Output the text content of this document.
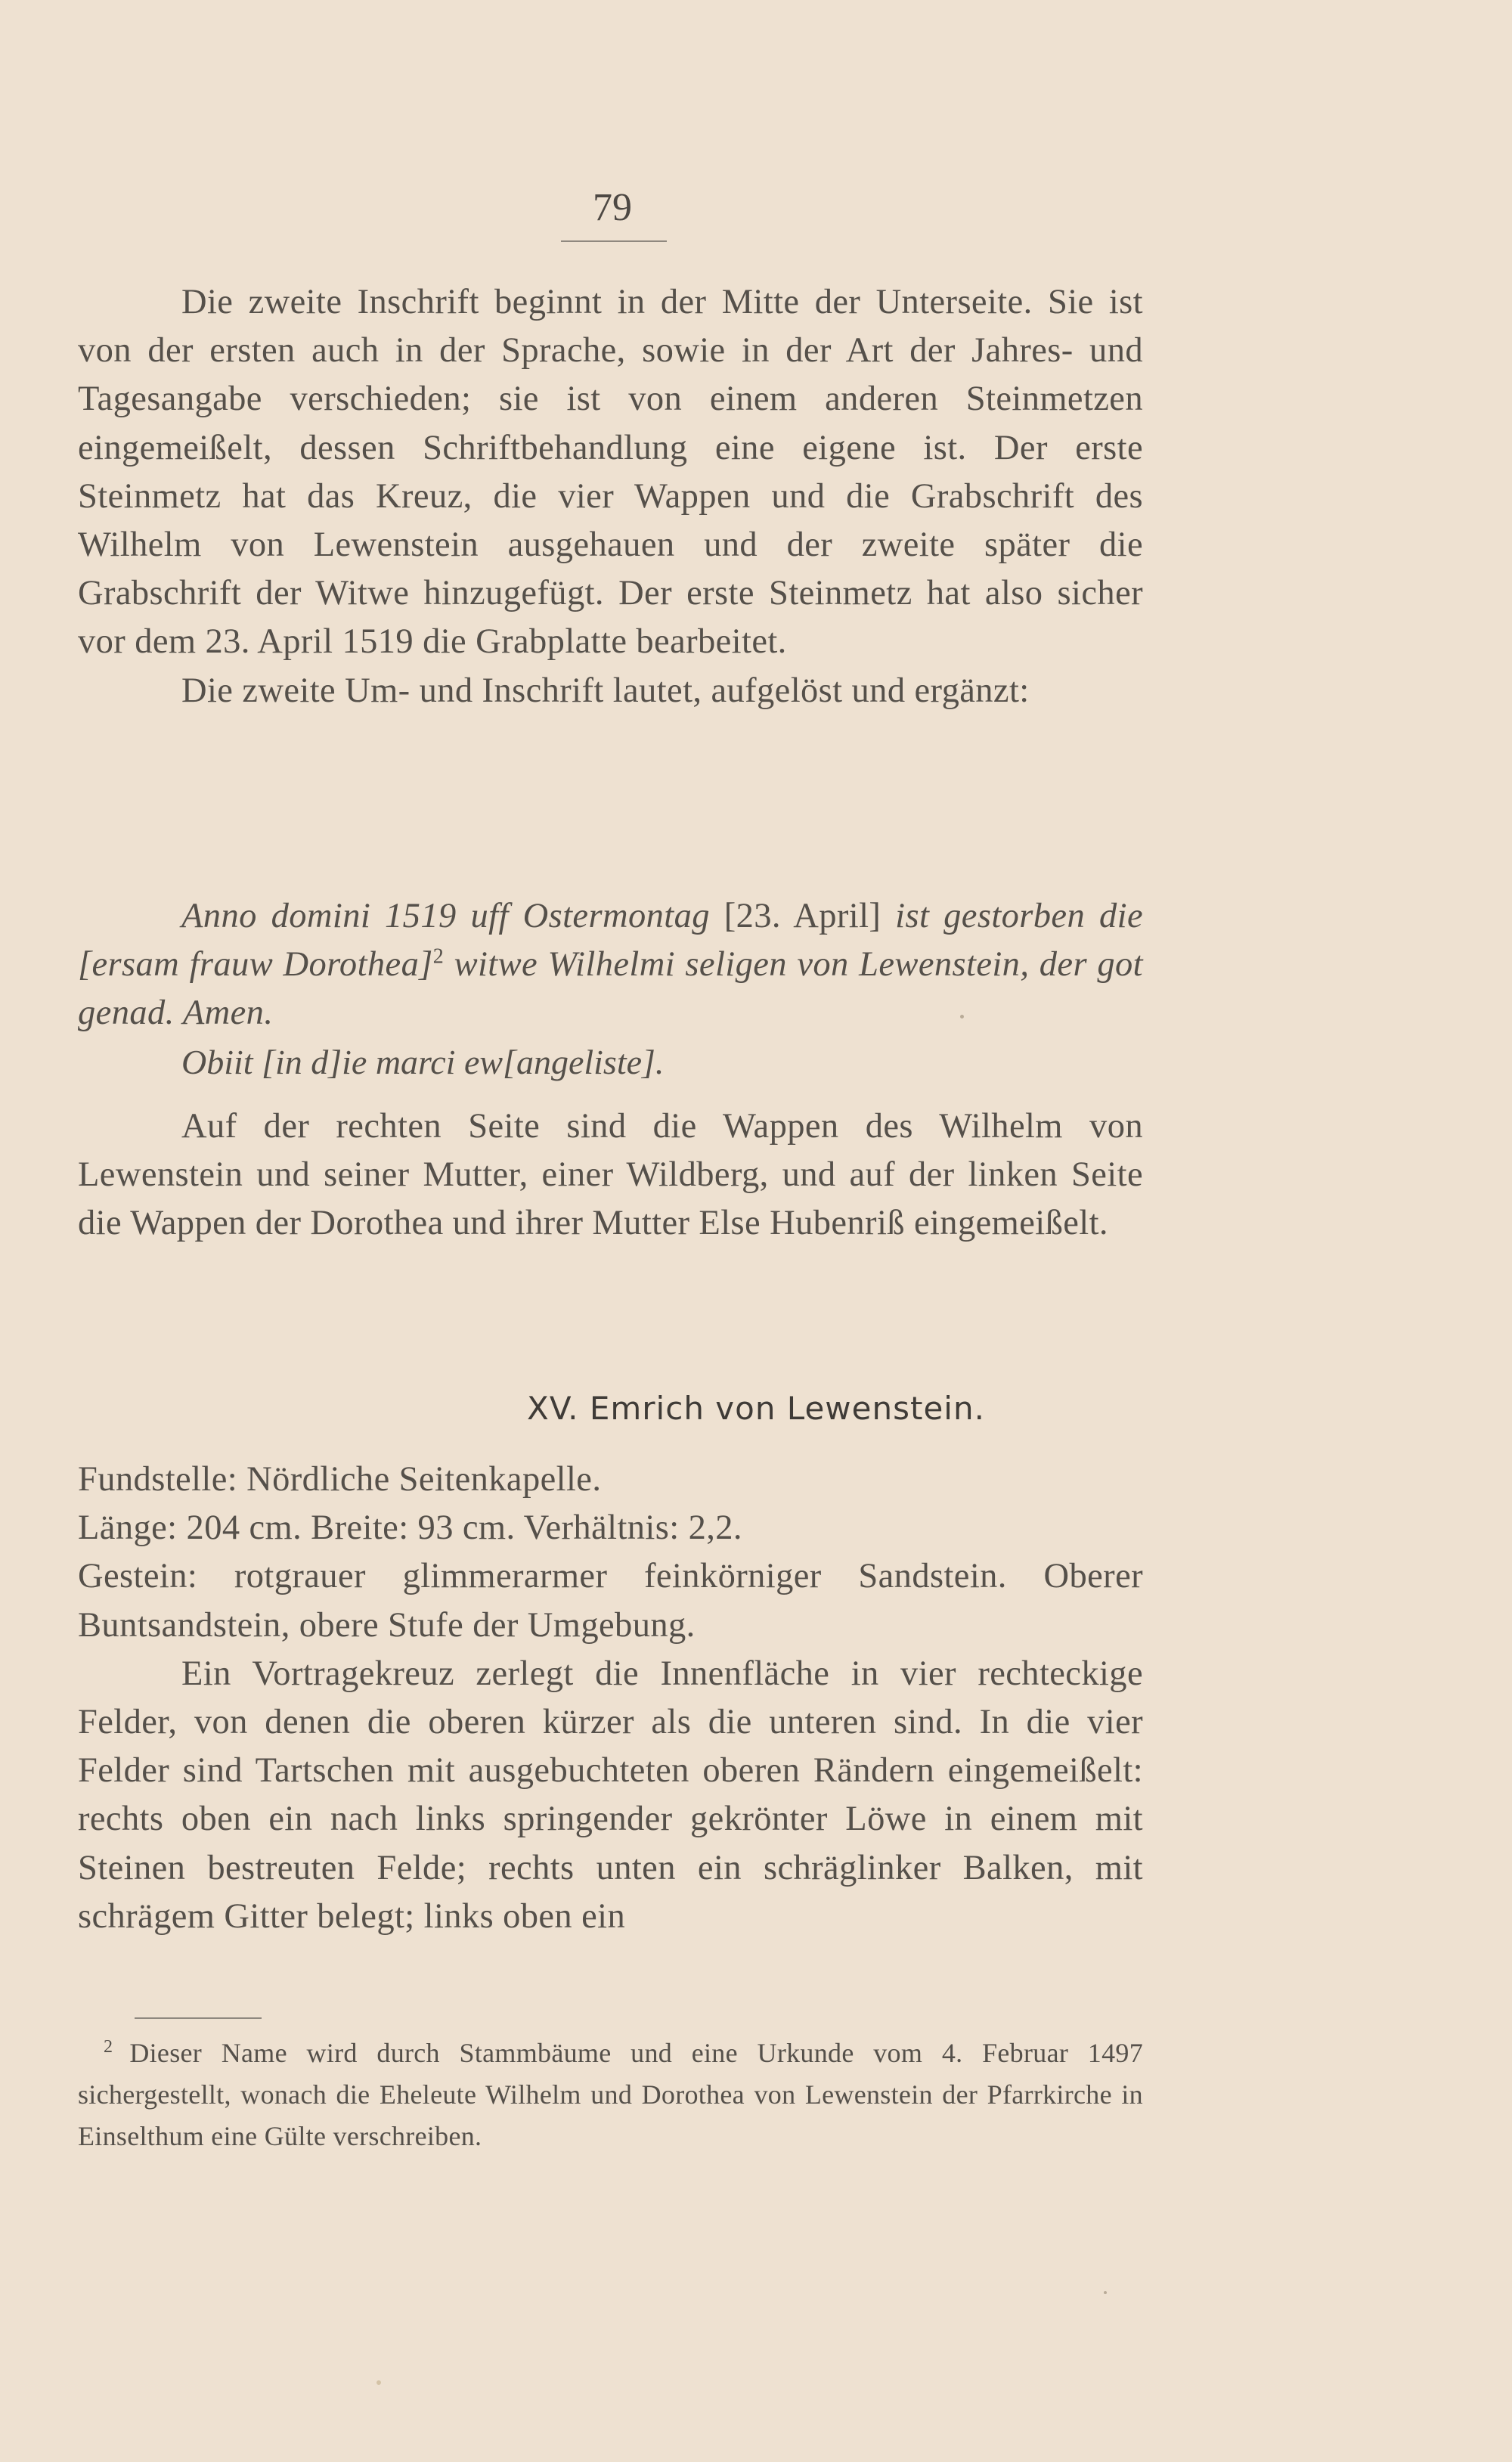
79

Die zweite Inschrift beginnt in der Mitte der Unterseite. Sie ist von der ersten auch in der Sprache, sowie in der Art der Jahres- und Tagesangabe verschieden; sie ist von einem anderen Steinmetzen eingemeißelt, dessen Schriftbehandlung eine eigene ist. Der erste Steinmetz hat das Kreuz, die vier Wappen und die Grabschrift des Wilhelm von Lewenstein ausgehauen und der zweite später die Grabschrift der Witwe hinzugefügt. Der erste Steinmetz hat also sicher vor dem 23. April 1519 die Grabplatte bearbeitet.

Die zweite Um- und Inschrift lautet, aufgelöst und ergänzt:

Anno domini 1519 uff Ostermontag [23. April] ist gestorben die [ersam frauw Dorothea]$^2$ witwe Wilhelmi seligen von Lewenstein, der got genad. Amen.

Obiit [in d]ie marci ew[angeliste].

Auf der rechten Seite sind die Wappen des Wilhelm von Lewenstein und seiner Mutter, einer Wildberg, und auf der linken Seite die Wappen der Dorothea und ihrer Mutter Else Hubenriß eingemeißelt.

XV. Emrich von Lewenstein.

Fundstelle: Nördliche Seitenkapelle.

Länge: 204 cm. Breite: 93 cm. Verhältnis: 2,2.

Gestein: rotgrauer glimmerarmer feinkörniger Sandstein. Oberer Buntsandstein, obere Stufe der Umgebung.

Ein Vortragekreuz zerlegt die Innenfläche in vier rechteckige Felder, von denen die oberen kürzer als die unteren sind. In die vier Felder sind Tartschen mit ausgebuchteten oberen Rändern eingemeißelt: rechts oben ein nach links springender gekrönter Löwe in einem mit Steinen bestreuten Felde; rechts unten ein schräglinker Balken, mit schrägem Gitter belegt; links oben ein

$^2$ Dieser Name wird durch Stammbäume und eine Urkunde vom 4. Februar 1497 sichergestellt, wonach die Eheleute Wilhelm und Dorothea von Lewenstein der Pfarrkirche in Einselthum eine Gülte verschreiben.
